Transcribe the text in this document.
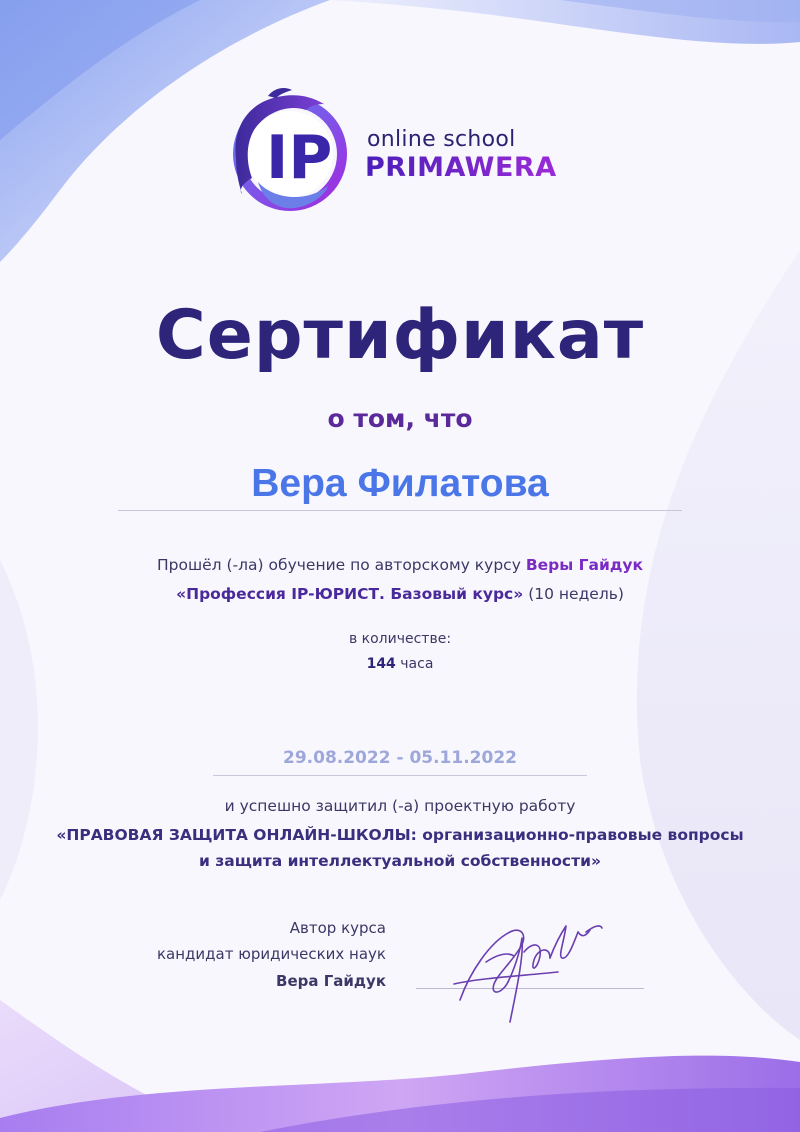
IP online school
PRIMAWERA
Сертификат
о том, что
Вера Филатова
Прошёл (-ла) обучение по авторскому курсу Веры Гайдук
«Профессия IP-ЮРИСТ. Базовый курс» (10 недель)
в количестве:
144 часа
29.08.2022 - 05.11.2022
и успешно защитил (-а) проектную работу
«ПРАВОВАЯ ЗАЩИТА ОНЛАЙН-ШКОЛЫ: организационно-правовые вопросы
и защита интеллектуальной собственности»
Автор курса
кандидат юридических наук
Вера Гайдук
